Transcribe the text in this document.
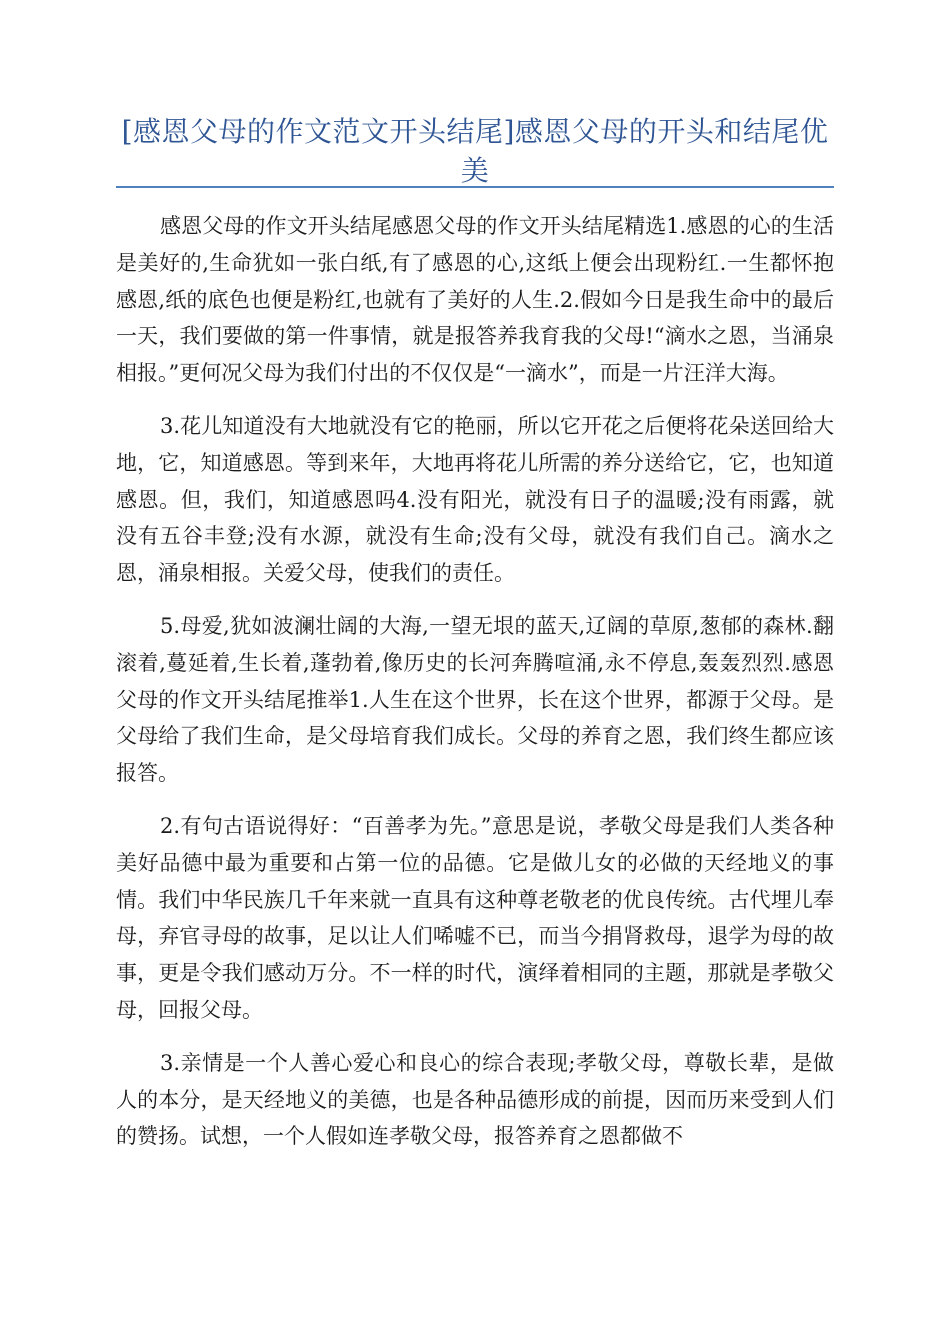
[感恩父母的作文范文开头结尾]感恩父母的开头和结尾优美

感恩父母的作文开头结尾感恩父母的作文开头结尾精选1.感恩的心的生活是美好的,生命犹如一张白纸,有了感恩的心,这纸上便会出现粉红.一生都怀抱感恩,纸的底色也便是粉红,也就有了美好的人生.2.假如今日是我生命中的最后一天，我们要做的第一件事情，就是报答养我育我的父母!“滴水之恩，当涌泉相报。”更何况父母为我们付出的不仅仅是“一滴水”，而是一片汪洋大海。

3.花儿知道没有大地就没有它的艳丽，所以它开花之后便将花朵送回给大地，它，知道感恩。等到来年，大地再将花儿所需的养分送给它，它，也知道感恩。但，我们，知道感恩吗4.没有阳光，就没有日子的温暖;没有雨露，就没有五谷丰登;没有水源，就没有生命;没有父母，就没有我们自己。滴水之恩，涌泉相报。关爱父母，使我们的责任。

5.母爱,犹如波澜壮阔的大海,一望无垠的蓝天,辽阔的草原,葱郁的森林.翻滚着,蔓延着,生长着,蓬勃着,像历史的长河奔腾喧涌,永不停息,轰轰烈烈.感恩父母的作文开头结尾推举1.人生在这个世界，长在这个世界，都源于父母。是父母给了我们生命，是父母培育我们成长。父母的养育之恩，我们终生都应该报答。

2.有句古语说得好：“百善孝为先。”意思是说，孝敬父母是我们人类各种美好品德中最为重要和占第一位的品德。它是做儿女的必做的天经地义的事情。我们中华民族几千年来就一直具有这种尊老敬老的优良传统。古代埋儿奉母，弃官寻母的故事，足以让人们唏嘘不已，而当今捐肾救母，退学为母的故事，更是令我们感动万分。不一样的时代，演绎着相同的主题，那就是孝敬父母，回报父母。

3.亲情是一个人善心爱心和良心的综合表现;孝敬父母，尊敬长辈，是做人的本分，是天经地义的美德，也是各种品德形成的前提，因而历来受到人们的赞扬。试想，一个人假如连孝敬父母，报答养育之恩都做不
